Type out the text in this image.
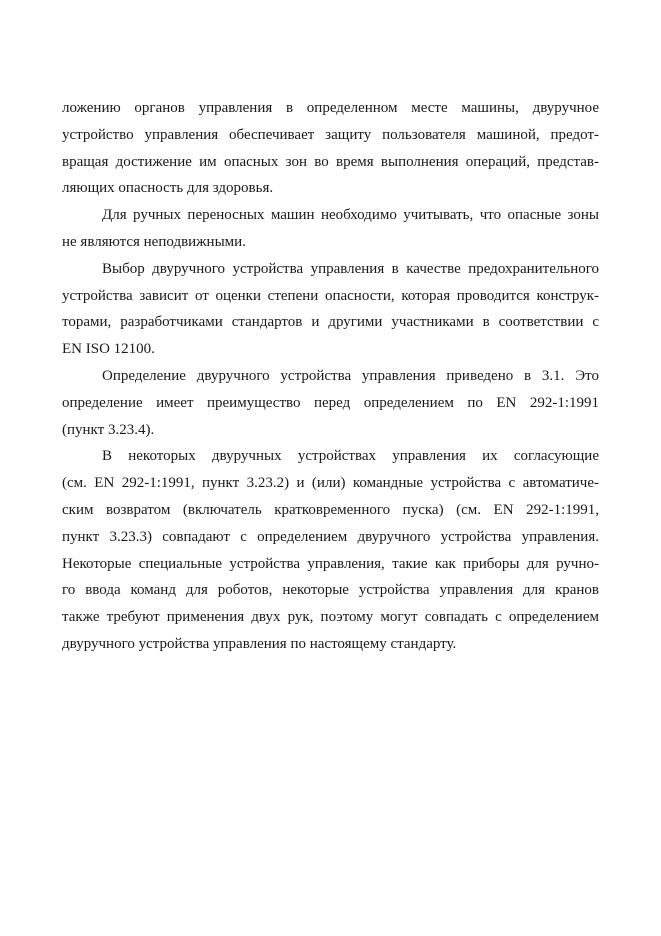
ложению органов управления в определенном месте машины, двуручное
устройство управления обеспечивает защиту пользователя машиной, предот-
вращая достижение им опасных зон во время выполнения операций, представ-
ляющих опасность для здоровья.

Для ручных переносных машин необходимо учитывать, что опасные зоны
не являются неподвижными.

Выбор двуручного устройства управления в качестве предохранительного
устройства зависит от оценки степени опасности, которая проводится конструк-
торами, разработчиками стандартов и другими участниками в соответствии с
EN ISO 12100.

Определение двуручного устройства управления приведено в 3.1. Это
определение имеет преимущество перед определением по EN 292-1:1991
(пункт 3.23.4).

В некоторых двуручных устройствах управления их согласующие
(см. EN 292-1:1991, пункт 3.23.2) и (или) командные устройства с автоматиче-
ским возвратом (включатель кратковременного пуска) (см. EN 292-1:1991,
пункт 3.23.3) совпадают с определением двуручного устройства управления.
Некоторые специальные устройства управления, такие как приборы для ручно-
го ввода команд для роботов, некоторые устройства управления для кранов
также требуют применения двух рук, поэтому могут совпадать с определением
двуручного устройства управления по настоящему стандарту.
